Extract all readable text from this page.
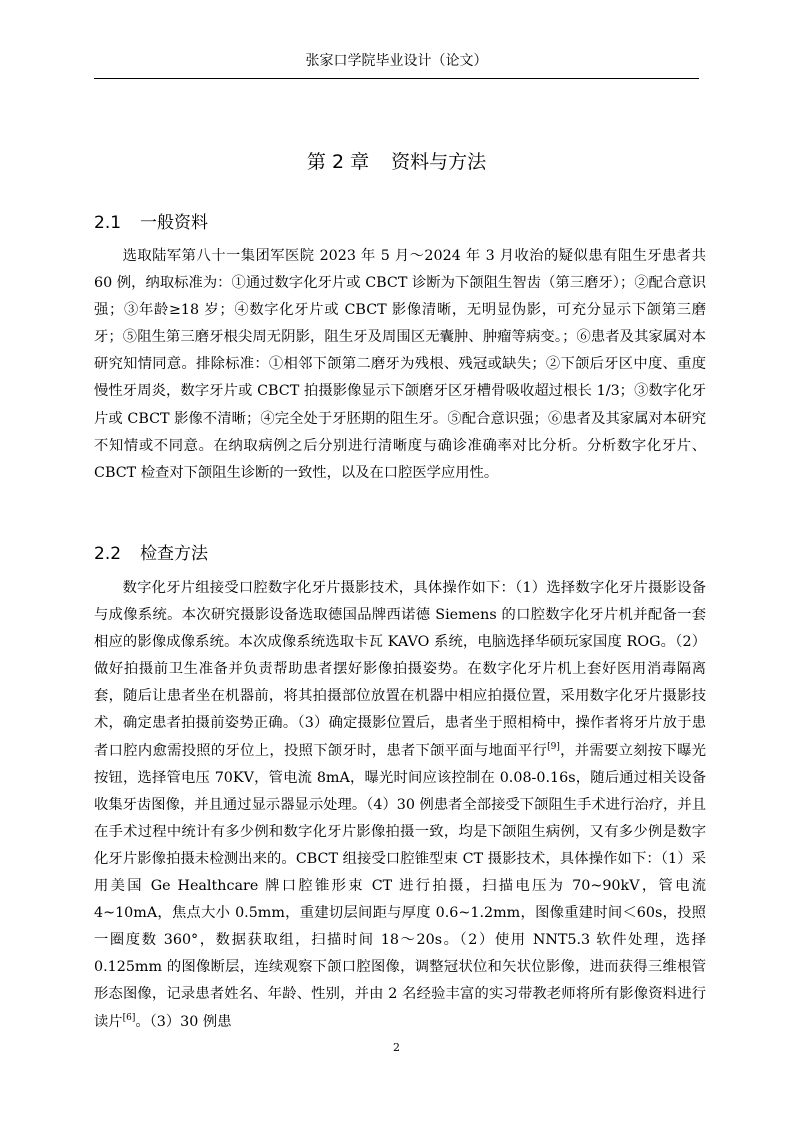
张家口学院毕业设计（论文）
第 2 章 资料与方法
2.1 一般资料

选取陆军第八十一集团军医院 2023 年 5 月～2024 年 3 月收治的疑似患有阻生牙患者共 60 例，纳取标准为：①通过数字化牙片或 CBCT 诊断为下颌阻生智齿（第三磨牙）；②配合意识强；③年龄≥18 岁；④数字化牙片或 CBCT 影像清晰，无明显伪影，可充分显示下颌第三磨牙；⑤阻生第三磨牙根尖周无阴影，阻生牙及周围区无囊肿、肿瘤等病变。；⑥患者及其家属对本研究知情同意。排除标准：①相邻下颌第二磨牙为残根、残冠或缺失；②下颌后牙区中度、重度慢性牙周炎，数字牙片或 CBCT 拍摄影像显示下颌磨牙区牙槽骨吸收超过根长 1/3；③数字化牙片或 CBCT 影像不清晰；④完全处于牙胚期的阻生牙。⑤配合意识强；⑥患者及其家属对本研究不知情或不同意。在纳取病例之后分别进行清晰度与确诊准确率对比分析。分析数字化牙片、CBCT 检查对下颌阻生诊断的一致性，以及在口腔医学应用性。

2.2 检查方法

数字化牙片组接受口腔数字化牙片摄影技术，具体操作如下：（1）选择数字化牙片摄影设备与成像系统。本次研究摄影设备选取德国品牌西诺德 Siemens 的口腔数字化牙片机并配备一套相应的影像成像系统。本次成像系统选取卡瓦 KAVO 系统，电脑选择华硕玩家国度 ROG。（2）做好拍摄前卫生准备并负责帮助患者摆好影像拍摄姿势。在数字化牙片机上套好医用消毒隔离套，随后让患者坐在机器前，将其拍摄部位放置在机器中相应拍摄位置，采用数字化牙片摄影技术，确定患者拍摄前姿势正确。（3）确定摄影位置后，患者坐于照相椅中，操作者将牙片放于患者口腔内愈需投照的牙位上，投照下颌牙时，患者下颌平面与地面平行[9]，并需要立刻按下曝光按钮，选择管电压 70KV，管电流 8mA，曝光时间应该控制在 0.08-0.16s，随后通过相关设备收集牙齿图像，并且通过显示器显示处理。（4）30 例患者全部接受下颌阻生手术进行治疗，并且在手术过程中统计有多少例和数字化牙片影像拍摄一致，均是下颌阻生病例，又有多少例是数字化牙片影像拍摄未检测出来的。CBCT 组接受口腔锥型束 CT 摄影技术，具体操作如下：（1）采用美国 Ge Healthcare 牌口腔锥形束 CT 进行拍摄，扫描电压为 70~90kV，管电流 4~10mA，焦点大小 0.5mm，重建切层间距与厚度 0.6~1.2mm，图像重建时间＜60s，投照一圈度数 360°，数据获取组，扫描时间 18～20s。（2）使用 NNT5.3 软件处理，选择 0.125mm 的图像断层，连续观察下颌口腔图像，调整冠状位和矢状位影像，进而获得三维根管形态图像，记录患者姓名、年龄、性别，并由 2 名经验丰富的实习带教老师将所有影像资料进行读片[6]。（3）30 例患

2
